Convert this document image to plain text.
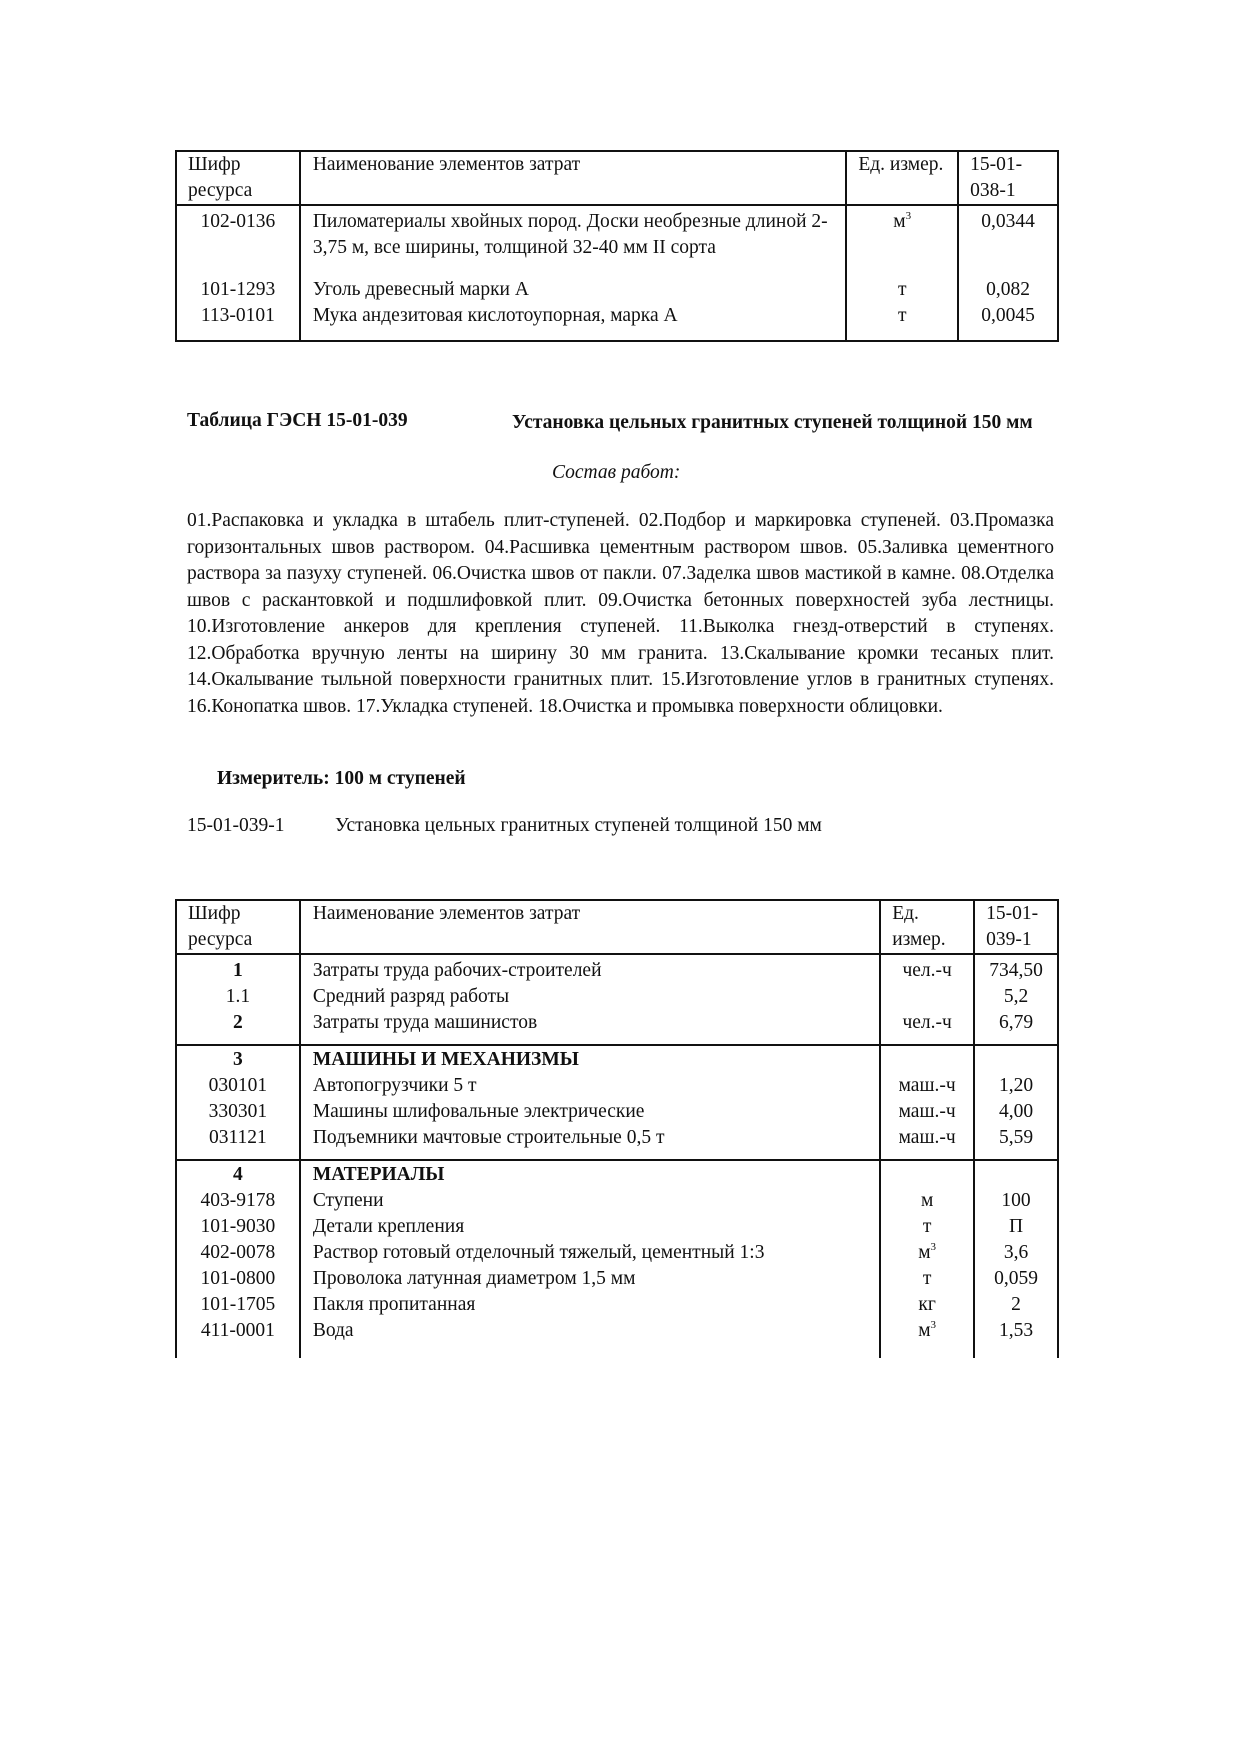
Шифр ресурса	Наименование элементов затрат	Ед. измер.	15-01-038-1
102-0136	Пиломатериалы хвойных пород. Доски необрезные длиной 2-3,75 м, все ширины, толщиной 32-40 мм II сорта	$м^3$	0,0344
101-1293	Уголь древесный марки А	т	0,082
113-0101	Мука андезитовая кислотоупорная, марка А	т	0,0045
Таблица ГЭСН 15-01-039	Установка цельных гранитных ступеней толщиной 150 мм
Состав работ:
01.Распаковка и укладка в штабель плит-ступеней. 02.Подбор и маркировка ступеней. 03.Промазка горизонтальных швов раствором. 04.Расшивка цементным раствором швов. 05.Заливка цементного раствора за пазуху ступеней. 06.Очистка швов от пакли. 07.Заделка швов мастикой в камне. 08.Отделка швов с раскантовкой и подшлифовкой плит. 09.Очистка бетонных поверхностей зуба лестницы. 10.Изготовление анкеров для крепления ступеней. 11.Выколка гнезд-отверстий в ступенях. 12.Обработка вручную ленты на ширину 30 мм гранита. 13.Скалывание кромки тесаных плит. 14.Окалывание тыльной поверхности гранитных плит. 15.Изготовление углов в гранитных ступенях. 16.Конопатка швов. 17.Укладка ступеней. 18.Очистка и промывка поверхности облицовки.
Измеритель: 100 м ступеней
15-01-039-1	Установка цельных гранитных ступеней толщиной 150 мм
Шифр ресурса	Наименование элементов затрат	Ед. измер.	15-01-039-1
1	Затраты труда рабочих-строителей	чел.-ч	734,50
1.1	Средний разряд работы		5,2
2	Затраты труда машинистов	чел.-ч	6,79
3	МАШИНЫ И МЕХАНИЗМЫ		
030101	Автопогрузчики 5 т	маш.-ч	1,20
330301	Машины шлифовальные электрические	маш.-ч	4,00
031121	Подъемники мачтовые строительные 0,5 т	маш.-ч	5,59
4	МАТЕРИАЛЫ		
403-9178	Ступени	м	100
101-9030	Детали крепления	т	П
402-0078	Раствор готовый отделочный тяжелый, цементный 1:3	$м^3$	3,6
101-0800	Проволока латунная диаметром 1,5 мм	т	0,059
101-1705	Пакля пропитанная	кг	2
411-0001	Вода	$м^3$	1,53
